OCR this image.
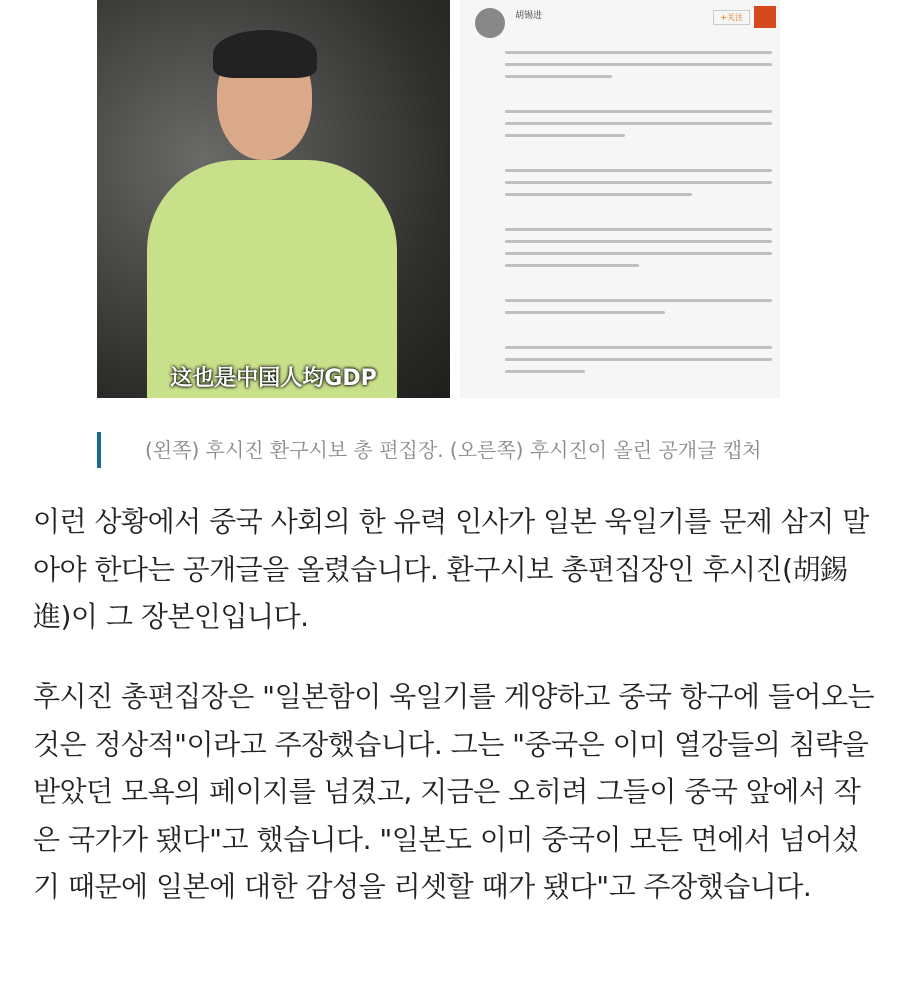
这也是中国人均GDP
胡锡进	+关注
(왼쪽) 후시진 환구시보 총 편집장. (오른쪽) 후시진이 올린 공개글 캡처

이런 상황에서 중국 사회의 한 유력 인사가 일본 욱일기를 문제 삼지 말아야 한다는 공개글을 올렸습니다. 환구시보 총편집장인 후시진(胡錫進)이 그 장본인입니다.

후시진 총편집장은 "일본함이 욱일기를 게양하고 중국 항구에 들어오는 것은 정상적"이라고 주장했습니다. 그는 "중국은 이미 열강들의 침략을 받았던 모욕의 페이지를 넘겼고, 지금은 오히려 그들이 중국 앞에서 작은 국가가 됐다"고 했습니다. "일본도 이미 중국이 모든 면에서 넘어섰기 때문에 일본에 대한 감성을 리셋할 때가 됐다"고 주장했습니다.
